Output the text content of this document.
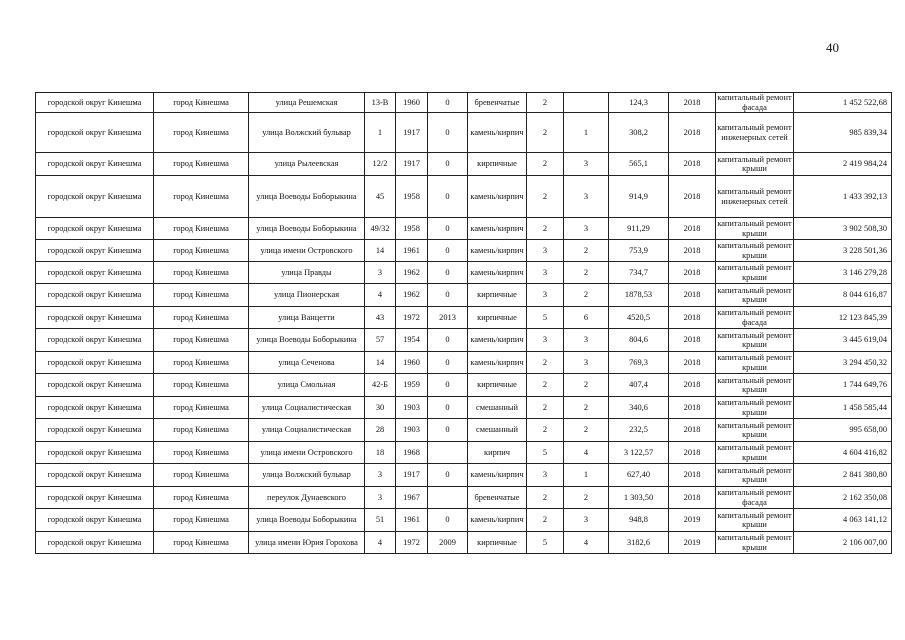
40
городской округ Кинешма	город Кинешма	улица Решемская	13-В	1960	0	бревенчатые	2		124,3	2018	капитальный ремонт фасада	1 452 522,68
городской округ Кинешма	город Кинешма	улица Волжский бульвар	1	1917	0	камень/кирпич	2	1	308,2	2018	капитальный ремонт инженерных сетей	985 839,34
городской округ Кинешма	город Кинешма	улица Рылеевская	12/2	1917	0	кирпичные	2	3	565,1	2018	капитальный ремонт крыши	2 419 984,24
городской округ Кинешма	город Кинешма	улица Воеводы Боборыкина	45	1958	0	камень/кирпич	2	3	914,9	2018	капитальный ремонт инженерных сетей	1 433 392,13
городской округ Кинешма	город Кинешма	улица Воеводы Боборыкина	49/32	1958	0	камень/кирпич	2	3	911,29	2018	капитальный ремонт крыши	3 902 508,30
городской округ Кинешма	город Кинешма	улица имени Островского	14	1961	0	камень/кирпич	3	2	753,9	2018	капитальный ремонт крыши	3 228 501,36
городской округ Кинешма	город Кинешма	улица Правды	3	1962	0	камень/кирпич	3	2	734,7	2018	капитальный ремонт крыши	3 146 279,28
городской округ Кинешма	город Кинешма	улица Пионерская	4	1962	0	кирпичные	3	2	1878,53	2018	капитальный ремонт крыши	8 044 616,87
городской округ Кинешма	город Кинешма	улица Ванцетти	43	1972	2013	кирпичные	5	6	4520,5	2018	капитальный ремонт фасада	12 123 845,39
городской округ Кинешма	город Кинешма	улица Воеводы Боборыкина	57	1954	0	камень/кирпич	3	3	804,6	2018	капитальный ремонт крыши	3 445 619,04
городской округ Кинешма	город Кинешма	улица Сеченова	14	1960	0	камень/кирпич	2	3	769,3	2018	капитальный ремонт крыши	3 294 450,32
городской округ Кинешма	город Кинешма	улица Смольная	42-Б	1959	0	кирпичные	2	2	407,4	2018	капитальный ремонт крыши	1 744 649,76
городской округ Кинешма	город Кинешма	улица Социалистическая	30	1903	0	смешанный	2	2	340,6	2018	капитальный ремонт крыши	1 458 585,44
городской округ Кинешма	город Кинешма	улица Социалистическая	28	1903	0	смешанный	2	2	232,5	2018	капитальный ремонт крыши	995 658,00
городской округ Кинешма	город Кинешма	улица имени Островского	18	1968		кирпич	5	4	3 122,57	2018	капитальный ремонт крыши	4 604 416,82
городской округ Кинешма	город Кинешма	улица Волжский бульвар	3	1917	0	камень/кирпич	3	1	627,40	2018	капитальный ремонт крыши	2 841 380,80
городской округ Кинешма	город Кинешма	переулок Дунаевского	3	1967		бревенчатые	2	2	1 303,50	2018	капитальный ремонт фасада	2 162 350,08
городской округ Кинешма	город Кинешма	улица Воеводы Боборыкина	51	1961	0	камень/кирпич	2	3	948,8	2019	капитальный ремонт крыши	4 063 141,12
городской округ Кинешма	город Кинешма	улица имени Юрия Горохова	4	1972	2009	кирпичные	5	4	3182,6	2019	капитальный ремонт крыши	2 106 007,00
